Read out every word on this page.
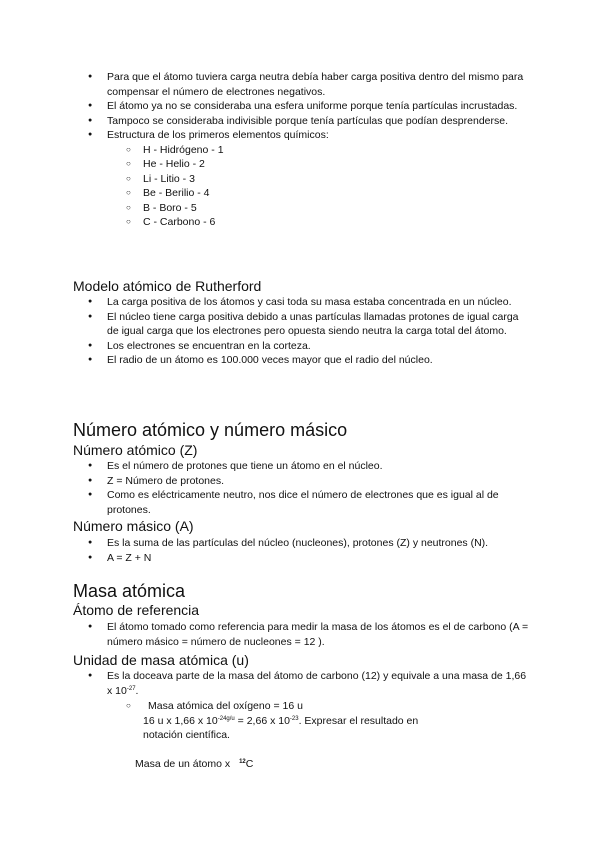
● Para que el átomo tuviera carga neutra debía haber carga positiva dentro del mismo para compensar el número de electrones negativos.
● El átomo ya no se consideraba una esfera uniforme porque tenía partículas incrustadas.
● Tampoco se consideraba indivisible porque tenía partículas que podían desprenderse.
● Estructura de los primeros elementos químicos:
○ H - Hidrógeno - 1
○ He - Helio - 2
○ Li - Litio - 3
○ Be - Berilio - 4
○ B - Boro - 5
○ C - Carbono - 6
Modelo atómico de Rutherford
● La carga positiva de los átomos y casi toda su masa estaba concentrada en un núcleo.
● El núcleo tiene carga positiva debido a unas partículas llamadas protones de igual carga de igual carga que los electrones pero opuesta siendo neutra la carga total del átomo.
● Los electrones se encuentran en la corteza.
● El radio de un átomo es 100.000 veces mayor que el radio del núcleo.
Número atómico y número másico
Número atómico (Z)
● Es el número de protones que tiene un átomo en el núcleo.
● Z = Número de protones.
● Como es eléctricamente neutro, nos dice el número de electrones que es igual al de protones.
Número másico (A)
● Es la suma de las partículas del núcleo (nucleones), protones (Z) y neutrones (N).
● A = Z + N
Masa atómica
Átomo de referencia
● El átomo tomado como referencia para medir la masa de los átomos es el de carbono (A = número másico = número de nucleones = 12 ).
Unidad de masa atómica (u)
● Es la doceava parte de la masa del átomo de carbono (12) y equivale a una masa de 1,66 x $10^{-27}$.
○ Masa atómica del oxígeno = 16 u
16 u x 1,66 x $10^{-24g/u} = 2,66$ x $10^{-23}$. Expresar el resultado en notación científica.
Masa de un átomo x $^{12}$C
